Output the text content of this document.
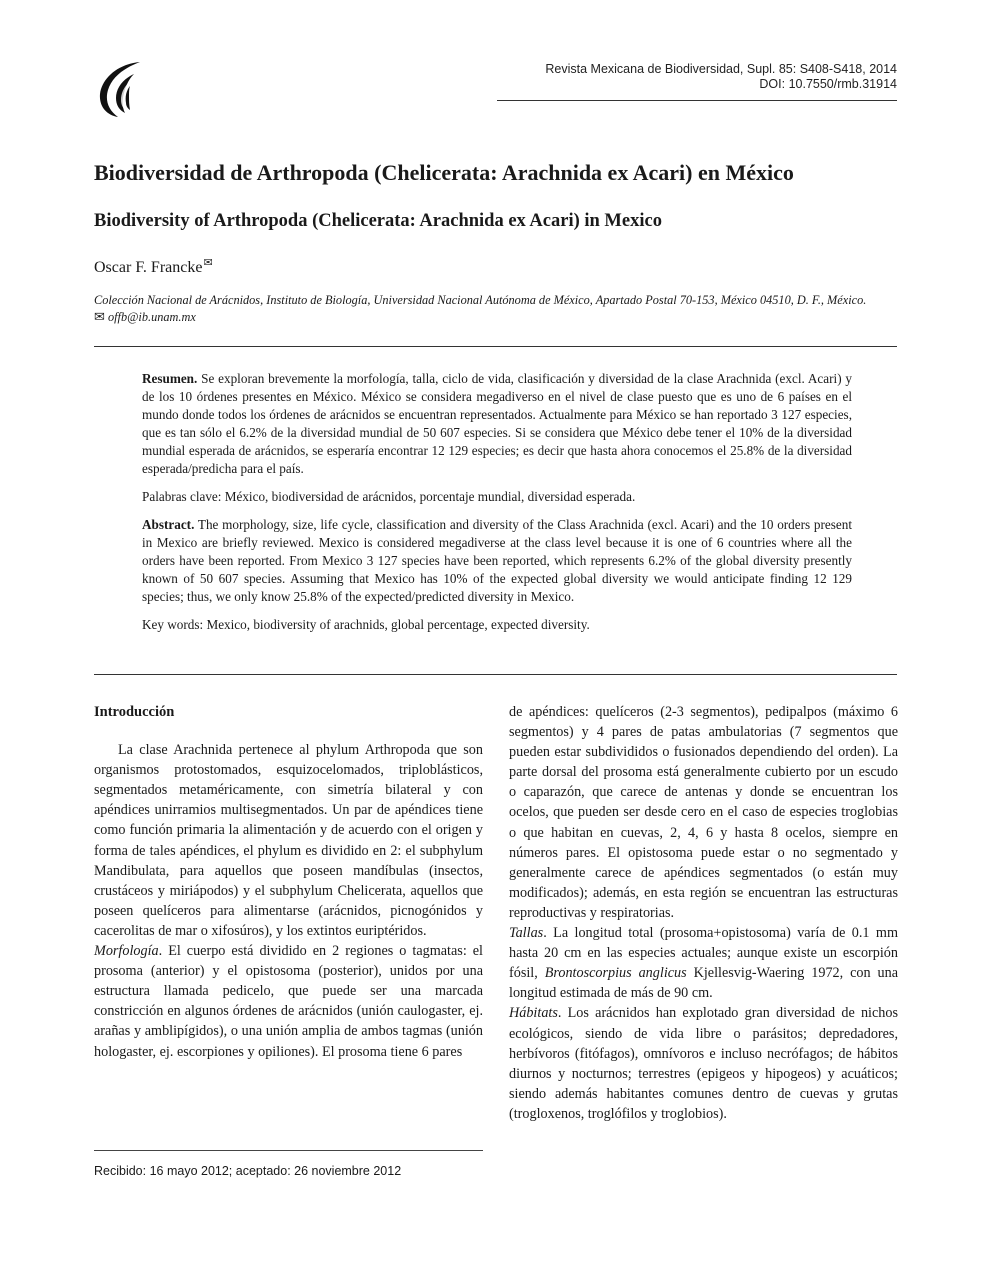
Revista Mexicana de Biodiversidad, Supl. 85: S408-S418, 2014
DOI: 10.7550/rmb.31914
Biodiversidad de Arthropoda (Chelicerata: Arachnida ex Acari) en México
Biodiversity of Arthropoda (Chelicerata: Arachnida ex Acari) in Mexico
Oscar F. Francke✉
Colección Nacional de Arácnidos, Instituto de Biología, Universidad Nacional Autónoma de México, Apartado Postal 70-153, México 04510, D. F., México.
✉ offb@ib.unam.mx

Resumen. Se exploran brevemente la morfología, talla, ciclo de vida, clasificación y diversidad de la clase Arachnida (excl. Acari) y de los 10 órdenes presentes en México. México se considera megadiverso en el nivel de clase puesto que es uno de 6 países en el mundo donde todos los órdenes de arácnidos se encuentran representados. Actualmente para México se han reportado 3 127 especies, que es tan sólo el 6.2% de la diversidad mundial de 50 607 especies. Si se considera que México debe tener el 10% de la diversidad mundial esperada de arácnidos, se esperaría encontrar 12 129 especies; es decir que hasta ahora conocemos el 25.8% de la diversidad esperada/predicha para el país.

Palabras clave: México, biodiversidad de arácnidos, porcentaje mundial, diversidad esperada.

Abstract. The morphology, size, life cycle, classification and diversity of the Class Arachnida (excl. Acari) and the 10 orders present in Mexico are briefly reviewed. Mexico is considered megadiverse at the class level because it is one of 6 countries where all the orders have been reported. From Mexico 3 127 species have been reported, which represents 6.2% of the global diversity presently known of 50 607 species. Assuming that Mexico has 10% of the expected global diversity we would anticipate finding 12 129 species; thus, we only know 25.8% of the expected/predicted diversity in Mexico.

Key words: Mexico, biodiversity of arachnids, global percentage, expected diversity.

Introducción

La clase Arachnida pertenece al phylum Arthropoda que son organismos protostomados, esquizocelomados, triploblásticos, segmentados metaméricamente, con simetría bilateral y con apéndices unirramios multisegmentados. Un par de apéndices tiene como función primaria la alimentación y de acuerdo con el origen y forma de tales apéndices, el phylum es dividido en 2: el subphylum Mandibulata, para aquellos que poseen mandíbulas (insectos, crustáceos y miriápodos) y el subphylum Chelicerata, aquellos que poseen quelíceros para alimentarse (arácnidos, picnogónidos y cacerolitas de mar o xifosúros), y los extintos euriptéridos.

Morfología. El cuerpo está dividido en 2 regiones o tagmatas: el prosoma (anterior) y el opistosoma (posterior), unidos por una estructura llamada pedicelo, que puede ser una marcada constricción en algunos órdenes de arácnidos (unión caulogaster, ej. arañas y amblipígidos), o una unión amplia de ambos tagmas (unión hologaster, ej. escorpiones y opiliones). El prosoma tiene 6 pares

de apéndices: quelíceros (2-3 segmentos), pedipalpos (máximo 6 segmentos) y 4 pares de patas ambulatorias (7 segmentos que pueden estar subdivididos o fusionados dependiendo del orden). La parte dorsal del prosoma está generalmente cubierto por un escudo o caparazón, que carece de antenas y donde se encuentran los ocelos, que pueden ser desde cero en el caso de especies troglobias o que habitan en cuevas, 2, 4, 6 y hasta 8 ocelos, siempre en números pares. El opistosoma puede estar o no segmentado y generalmente carece de apéndices segmentados (o están muy modificados); además, en esta región se encuentran las estructuras reproductivas y respiratorias.

Tallas. La longitud total (prosoma+opistosoma) varía de 0.1 mm hasta 20 cm en las especies actuales; aunque existe un escorpión fósil, Brontoscorpius anglicus Kjellesvig-Waering 1972, con una longitud estimada de más de 90 cm.

Hábitats. Los arácnidos han explotado gran diversidad de nichos ecológicos, siendo de vida libre o parásitos; depredadores, herbívoros (fitófagos), omnívoros e incluso necrófagos; de hábitos diurnos y nocturnos; terrestres (epigeos y hipogeos) y acuáticos; siendo además habitantes comunes dentro de cuevas y grutas (trogloxenos, troglófilos y troglobios).

Recibido: 16 mayo 2012; aceptado: 26 noviembre 2012
